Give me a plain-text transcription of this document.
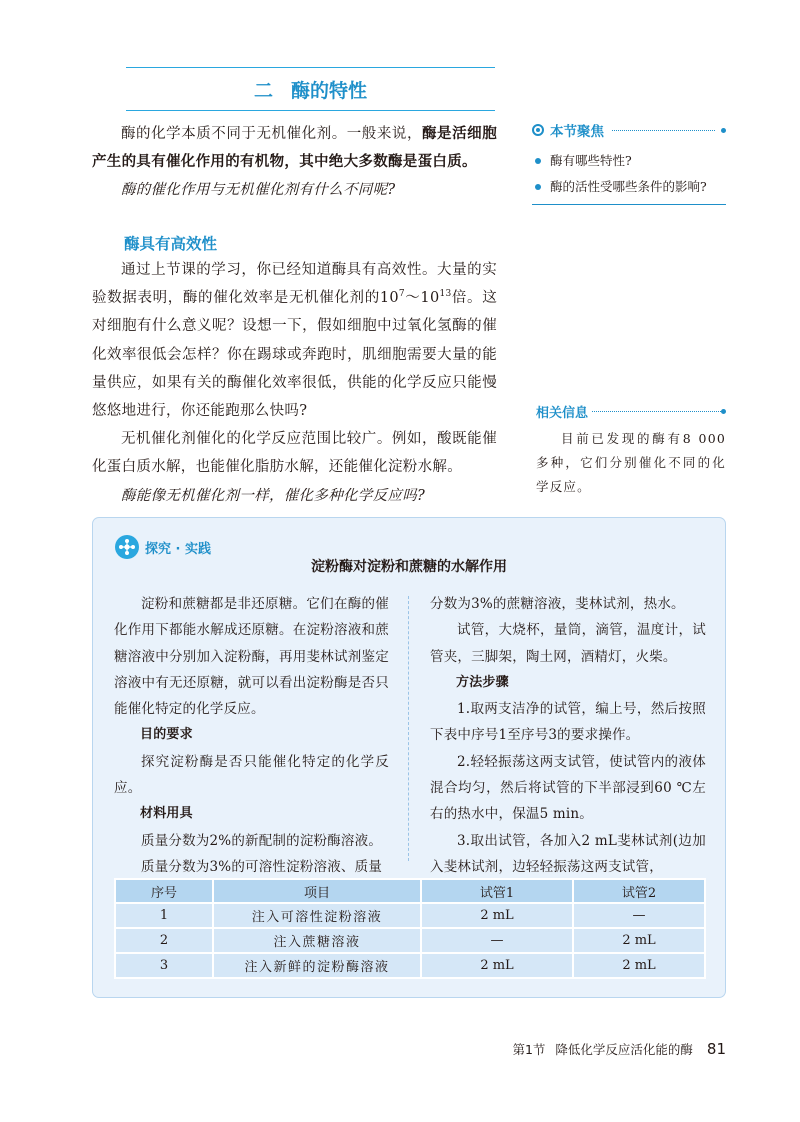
二 酶的特性

酶的化学本质不同于无机催化剂。一般来说，酶是活细胞产生的具有催化作用的有机物，其中绝大多数酶是蛋白质。

酶的催化作用与无机催化剂有什么不同呢?

酶具有高效性

通过上节课的学习，你已经知道酶具有高效性。大量的实验数据表明，酶的催化效率是无机催化剂的$10^7\sim 10^{13}$倍。这对细胞有什么意义呢？设想一下，假如细胞中过氧化氢酶的催化效率很低会怎样？你在踢球或奔跑时，肌细胞需要大量的能量供应，如果有关的酶催化效率很低，供能的化学反应只能慢悠悠地进行，你还能跑那么快吗?

无机催化剂催化的化学反应范围比较广。例如，酸既能催化蛋白质水解，也能催化脂肪水解，还能催化淀粉水解。

酶能像无机催化剂一样，催化多种化学反应吗?

本节聚焦
酶有哪些特性?
酶的活性受哪些条件的影响?
相关信息

目前已发现的酶有8 000多种，它们分别催化不同的化学反应。

探究 · 实践
淀粉酶对淀粉和蔗糖的水解作用

淀粉和蔗糖都是非还原糖。它们在酶的催化作用下都能水解成还原糖。在淀粉溶液和蔗糖溶液中分别加入淀粉酶，再用斐林试剂鉴定溶液中有无还原糖，就可以看出淀粉酶是否只能催化特定的化学反应。

目的要求

探究淀粉酶是否只能催化特定的化学反应。

材料用具

质量分数为2%的新配制的淀粉酶溶液。

质量分数为3%的可溶性淀粉溶液、质量

分数为3%的蔗糖溶液，斐林试剂，热水。

试管，大烧杯，量筒，滴管，温度计，试管夹，三脚架，陶土网，酒精灯，火柴。

方法步骤

1.取两支洁净的试管，编上号，然后按照下表中序号1至序号3的要求操作。

2.轻轻振荡这两支试管，使试管内的液体混合均匀，然后将试管的下半部浸到60 ℃左右的热水中，保温5 min。

3.取出试管，各加入2 mL斐林试剂(边加入斐林试剂，边轻轻振荡这两支试管，

序号	项目	试管1	试管2
1	注入可溶性淀粉溶液	2 mL	—
2	注入蔗糖溶液	—	2 mL
3	注入新鲜的淀粉酶溶液	2 mL	2 mL
第1节 降低化学反应活化能的酶 81
